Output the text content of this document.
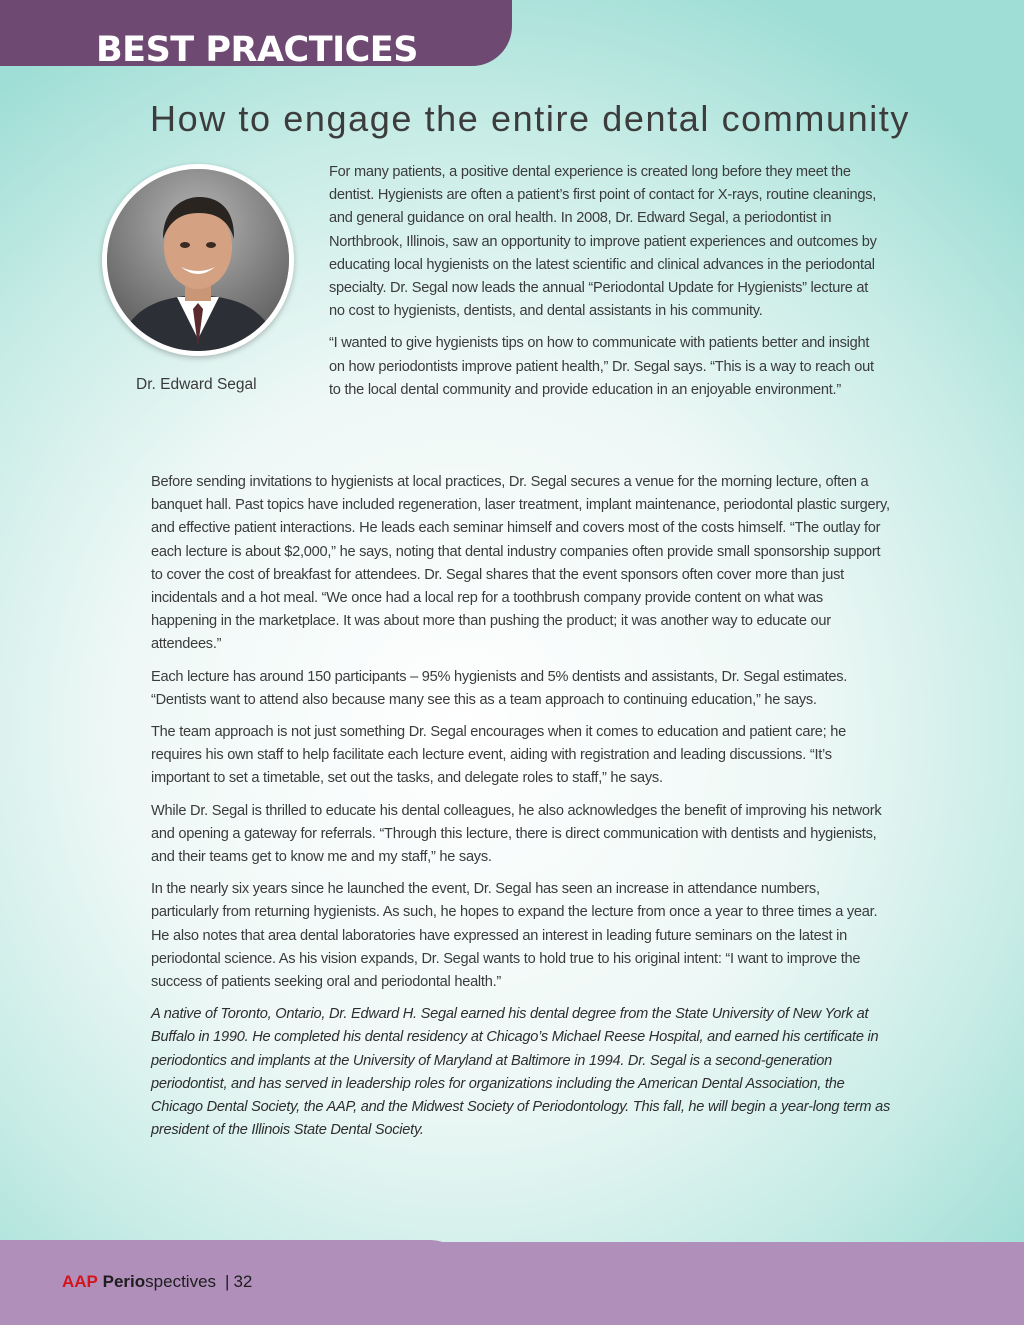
BEST PRACTICES
How to engage the entire dental community

Dr. Edward Segal

For many patients, a positive dental experience is created long before they meet the dentist. Hygienists are often a patient’s first point of contact for X-rays, routine cleanings, and general guidance on oral health. In 2008, Dr. Edward Segal, a periodontist in Northbrook, Illinois, saw an opportunity to improve patient experiences and outcomes by educating local hygienists on the latest scientific and clinical advances in the periodontal specialty. Dr. Segal now leads the annual “Periodontal Update for Hygienists” lecture at no cost to hygienists, dentists, and dental assistants in his community.

“I wanted to give hygienists tips on how to communicate with patients better and insight on how periodontists improve patient health,” Dr. Segal says. “This is a way to reach out to the local dental community and provide education in an enjoyable environment.”

Before sending invitations to hygienists at local practices, Dr. Segal secures a venue for the morning lecture, often a banquet hall. Past topics have included regeneration, laser treatment, implant maintenance, periodontal plastic surgery, and effective patient interactions. He leads each seminar himself and covers most of the costs himself. “The outlay for each lecture is about $2,000,” he says, noting that dental industry companies often provide small sponsorship support to cover the cost of breakfast for attendees. Dr. Segal shares that the event sponsors often cover more than just incidentals and a hot meal. “We once had a local rep for a toothbrush company provide content on what was happening in the marketplace. It was about more than pushing the product; it was another way to educate our attendees.”

Each lecture has around 150 participants – 95% hygienists and 5% dentists and assistants, Dr. Segal estimates. “Dentists want to attend also because many see this as a team approach to continuing education,” he says.

The team approach is not just something Dr. Segal encourages when it comes to education and patient care; he requires his own staff to help facilitate each lecture event, aiding with registration and leading discussions. “It’s important to set a timetable, set out the tasks, and delegate roles to staff,” he says.

While Dr. Segal is thrilled to educate his dental colleagues, he also acknowledges the benefit of improving his network and opening a gateway for referrals. “Through this lecture, there is direct communication with dentists and hygienists, and their teams get to know me and my staff,” he says.

In the nearly six years since he launched the event, Dr. Segal has seen an increase in attendance numbers, particularly from returning hygienists. As such, he hopes to expand the lecture from once a year to three times a year. He also notes that area dental laboratories have expressed an interest in leading future seminars on the latest in periodontal science. As his vision expands, Dr. Segal wants to hold true to his original intent: “I want to improve the success of patients seeking oral and periodontal health.”

A native of Toronto, Ontario, Dr. Edward H. Segal earned his dental degree from the State University of New York at Buffalo in 1990. He completed his dental residency at Chicago’s Michael Reese Hospital, and earned his certificate in periodontics and implants at the University of Maryland at Baltimore in 1994. Dr. Segal is a second-generation periodontist, and has served in leadership roles for organizations including the American Dental Association, the Chicago Dental Society, the AAP, and the Midwest Society of Periodontology. This fall, he will begin a year-long term as president of the Illinois State Dental Society.

AAP Periospectives | 32
